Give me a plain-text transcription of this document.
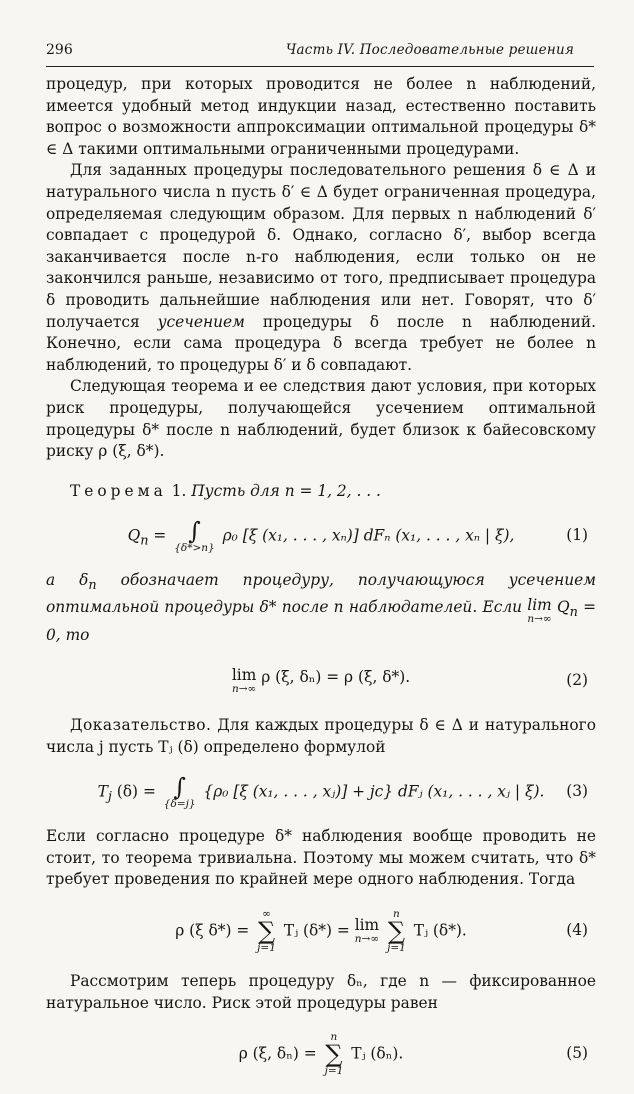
296	Часть IV. Последовательные решения

процедур, при которых проводится не более n наблюдений, имеется удобный метод индукции назад, естественно поставить вопрос о возможности аппроксимации оптимальной процедуры δ* ∈ Δ такими оптимальными ограниченными процедурами.

Для заданных процедуры последовательного решения δ ∈ Δ и натурального числа n пусть δ′ ∈ Δ будет ограниченная процедура, определяемая следующим образом. Для первых n наблюдений δ′ совпадает с процедурой δ. Однако, согласно δ′, выбор всегда заканчивается после n-го наблюдения, если только он не закончился раньше, независимо от того, предписывает процедура δ проводить дальнейшие наблюдения или нет. Говорят, что δ′ получается усечением процедуры δ после n наблюдений. Конечно, если сама процедура δ всегда требует не более n наблюдений, то процедуры δ′ и δ совпадают.

Следующая теорема и ее следствия дают условия, при которых риск процедуры, получающейся усечением оптимальной процедуры δ* после n наблюдений, будет близок к байесовскому риску ρ (ξ, δ*).

Теорема 1. Пусть для n = 1, 2, . . .

$Q_n$ = ∫
{δ*>n}
ρ₀ [ξ (x₁, . . . , xₙ)] dFₙ (x₁, . . . , xₙ | ξ),	(1)

a $\delta_n$ обозначает процедуру, получающуюся усечением оптимальной процедуры δ* после n наблюдателей. Если lim
n→∞
$Q_n = 0$, то

lim
n→∞
ρ (ξ, δₙ) = ρ (ξ, δ*).	(2)

Доказательство. Для каждых процедуры δ ∈ Δ и натурального числа j пусть Tⱼ (δ) определено формулой

$T_j$ (δ) = ∫
{δ=j}
{ρ₀ [ξ (x₁, . . . , xⱼ)] + jc} dFⱼ (x₁, . . . , xⱼ | ξ). (3)

Если согласно процедуре δ* наблюдения вообще проводить не стоит, то теорема тривиальна. Поэтому мы можем считать, что δ* требует проведения по крайней мере одного наблюдения. Тогда

ρ (ξ δ*) =
∞
∑
j=1
Tⱼ (δ*) = lim
n→∞

n
∑
j=1
Tⱼ (δ*).	(4)

Рассмотрим теперь процедуру δₙ, где n — фиксированное натуральное число. Риск этой процедуры равен

ρ (ξ, δₙ) =
n
∑
j=1
Tⱼ (δₙ).	(5)
